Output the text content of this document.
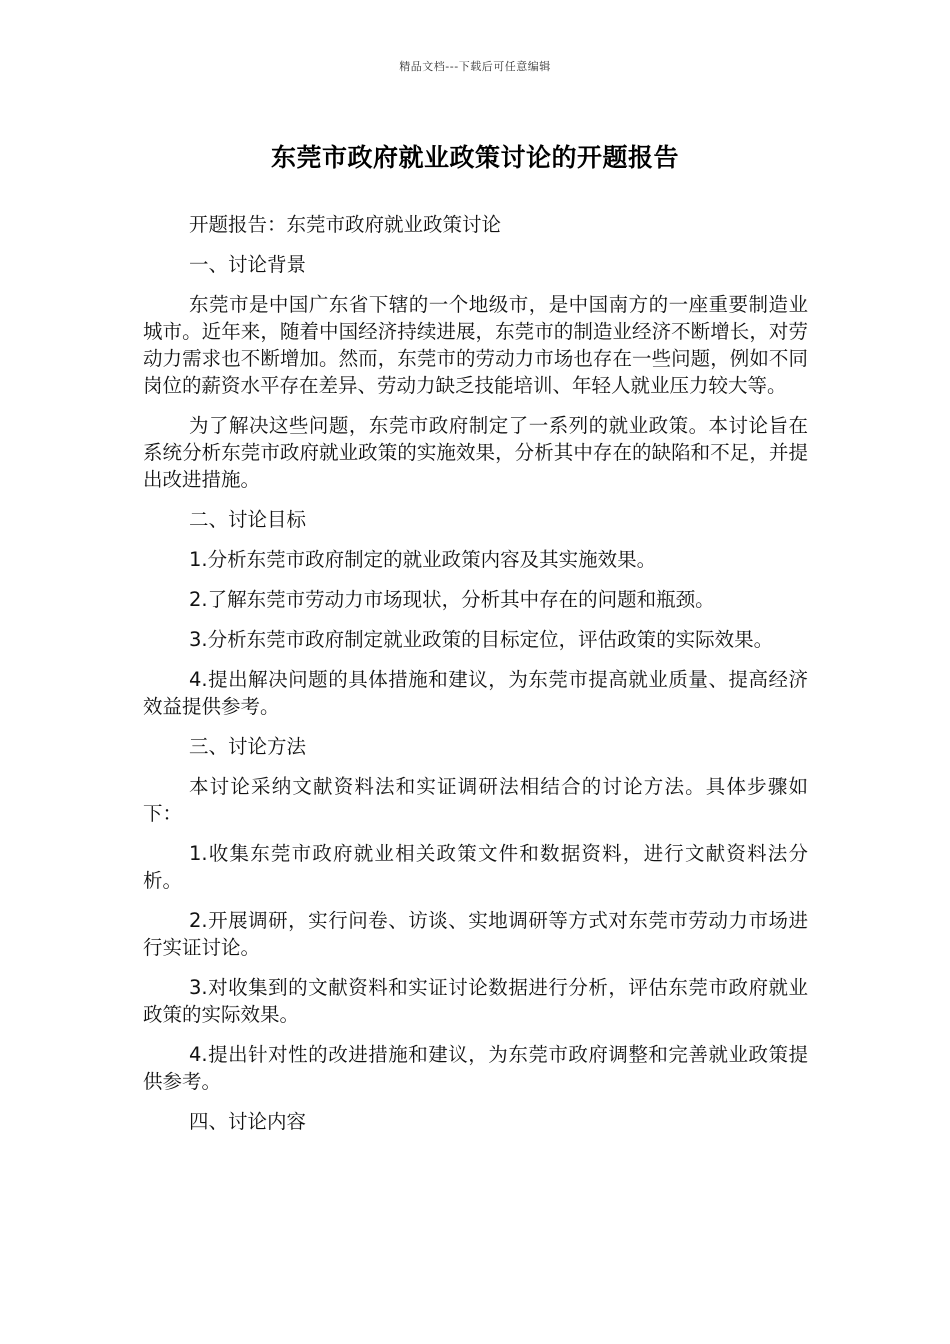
精品文档---下载后可任意编辑
东莞市政府就业政策讨论的开题报告

开题报告：东莞市政府就业政策讨论

一、讨论背景

东莞市是中国广东省下辖的一个地级市，是中国南方的一座重要制造业城市。近年来，随着中国经济持续进展，东莞市的制造业经济不断增长，对劳动力需求也不断增加。然而，东莞市的劳动力市场也存在一些问题，例如不同岗位的薪资水平存在差异、劳动力缺乏技能培训、年轻人就业压力较大等。

为了解决这些问题，东莞市政府制定了一系列的就业政策。本讨论旨在系统分析东莞市政府就业政策的实施效果，分析其中存在的缺陷和不足，并提出改进措施。

二、讨论目标

1.分析东莞市政府制定的就业政策内容及其实施效果。

2.了解东莞市劳动力市场现状，分析其中存在的问题和瓶颈。

3.分析东莞市政府制定就业政策的目标定位，评估政策的实际效果。

4.提出解决问题的具体措施和建议，为东莞市提高就业质量、提高经济效益提供参考。

三、讨论方法

本讨论采纳文献资料法和实证调研法相结合的讨论方法。具体步骤如下：

1.收集东莞市政府就业相关政策文件和数据资料，进行文献资料法分析。

2.开展调研，实行问卷、访谈、实地调研等方式对东莞市劳动力市场进行实证讨论。

3.对收集到的文献资料和实证讨论数据进行分析，评估东莞市政府就业政策的实际效果。

4.提出针对性的改进措施和建议，为东莞市政府调整和完善就业政策提供参考。

四、讨论内容
